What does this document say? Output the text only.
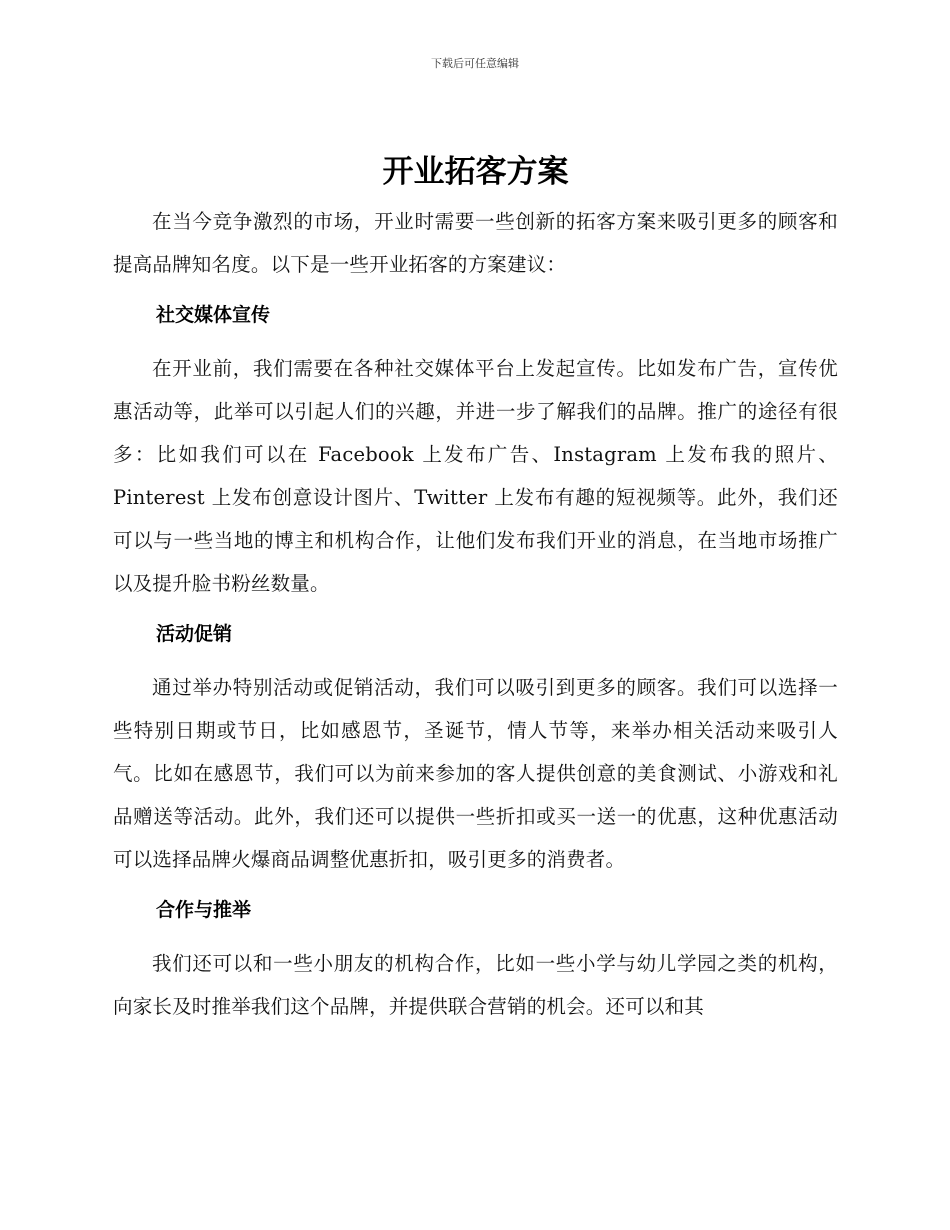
下载后可任意编辑
开业拓客方案

在当今竞争激烈的市场，开业时需要一些创新的拓客方案来吸引更多的顾客和提高品牌知名度。以下是一些开业拓客的方案建议：

社交媒体宣传

在开业前，我们需要在各种社交媒体平台上发起宣传。比如发布广告，宣传优惠活动等，此举可以引起人们的兴趣，并进一步了解我们的品牌。推广的途径有很多：比如我们可以在 Facebook 上发布广告、Instagram 上发布我的照片、Pinterest 上发布创意设计图片、Twitter 上发布有趣的短视频等。此外，我们还可以与一些当地的博主和机构合作，让他们发布我们开业的消息，在当地市场推广以及提升脸书粉丝数量。

活动促销

通过举办特别活动或促销活动，我们可以吸引到更多的顾客。我们可以选择一些特别日期或节日，比如感恩节，圣诞节，情人节等，来举办相关活动来吸引人气。比如在感恩节，我们可以为前来参加的客人提供创意的美食测试、小游戏和礼品赠送等活动。此外，我们还可以提供一些折扣或买一送一的优惠，这种优惠活动可以选择品牌火爆商品调整优惠折扣，吸引更多的消费者。

合作与推举

我们还可以和一些小朋友的机构合作，比如一些小学与幼儿学园之类的机构，向家长及时推举我们这个品牌，并提供联合营销的机会。还可以和其
